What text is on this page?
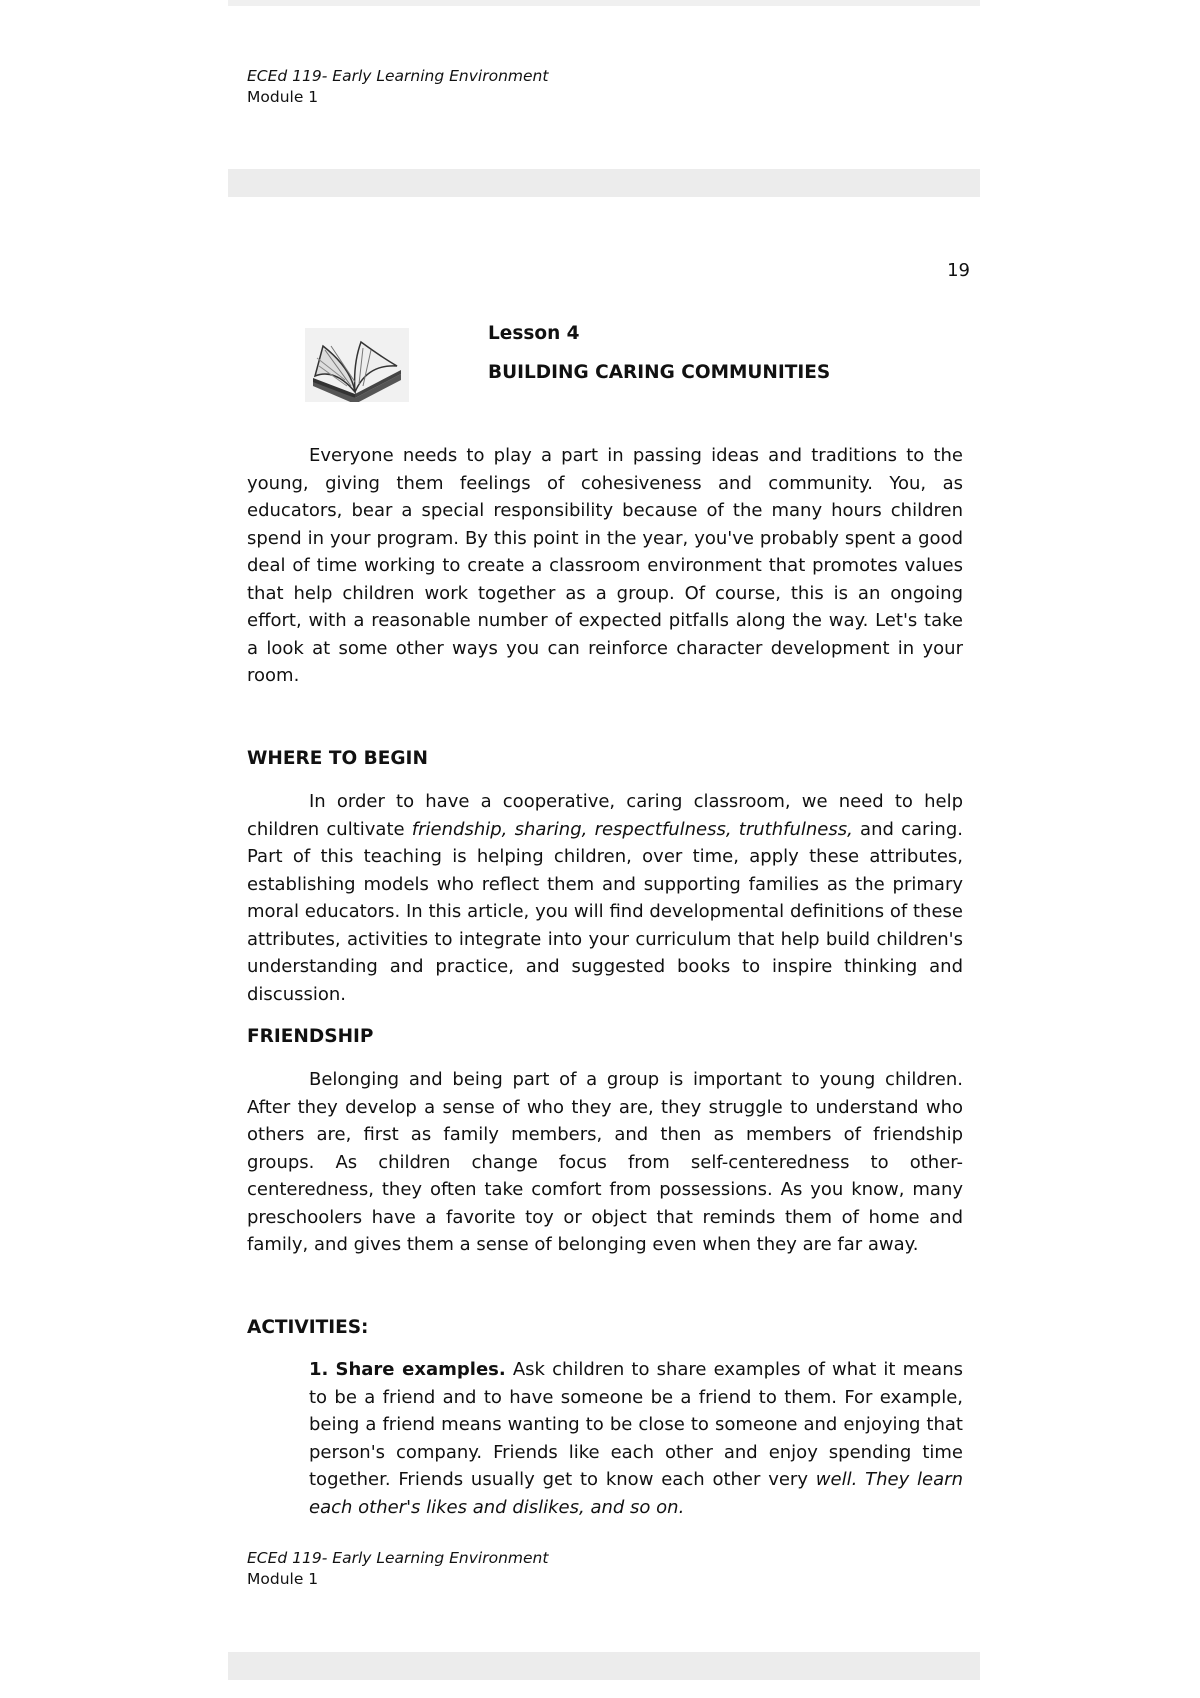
ECEd 119- Early Learning Environment
Module 1
19
Lesson 4
BUILDING CARING COMMUNITIES

Everyone needs to play a part in passing ideas and traditions to the young, giving them feelings of cohesiveness and community. You, as educators, bear a special responsibility because of the many hours children spend in your program. By this point in the year, you've probably spent a good deal of time working to create a classroom environment that promotes values that help children work together as a group. Of course, this is an ongoing effort, with a reasonable number of expected pitfalls along the way. Let's take a look at some other ways you can reinforce character development in your room.

WHERE TO BEGIN

In order to have a cooperative, caring classroom, we need to help children cultivate friendship, sharing, respectfulness, truthfulness, and caring. Part of this teaching is helping children, over time, apply these attributes, establishing models who reflect them and supporting families as the primary moral educators. In this article, you will find developmental definitions of these attributes, activities to integrate into your curriculum that help build children's understanding and practice, and suggested books to inspire thinking and discussion.

FRIENDSHIP

Belonging and being part of a group is important to young children. After they develop a sense of who they are, they struggle to understand who others are, first as family members, and then as members of friendship groups. As children change focus from self-centeredness to other-centeredness, they often take comfort from possessions. As you know, many preschoolers have a favorite toy or object that reminds them of home and family, and gives them a sense of belonging even when they are far away.

ACTIVITIES:

1. Share examples. Ask children to share examples of what it means to be a friend and to have someone be a friend to them. For example, being a friend means wanting to be close to someone and enjoying that person's company. Friends like each other and enjoy spending time together. Friends usually get to know each other very well. They learn each other's likes and dislikes, and so on.

ECEd 119- Early Learning Environment
Module 1
